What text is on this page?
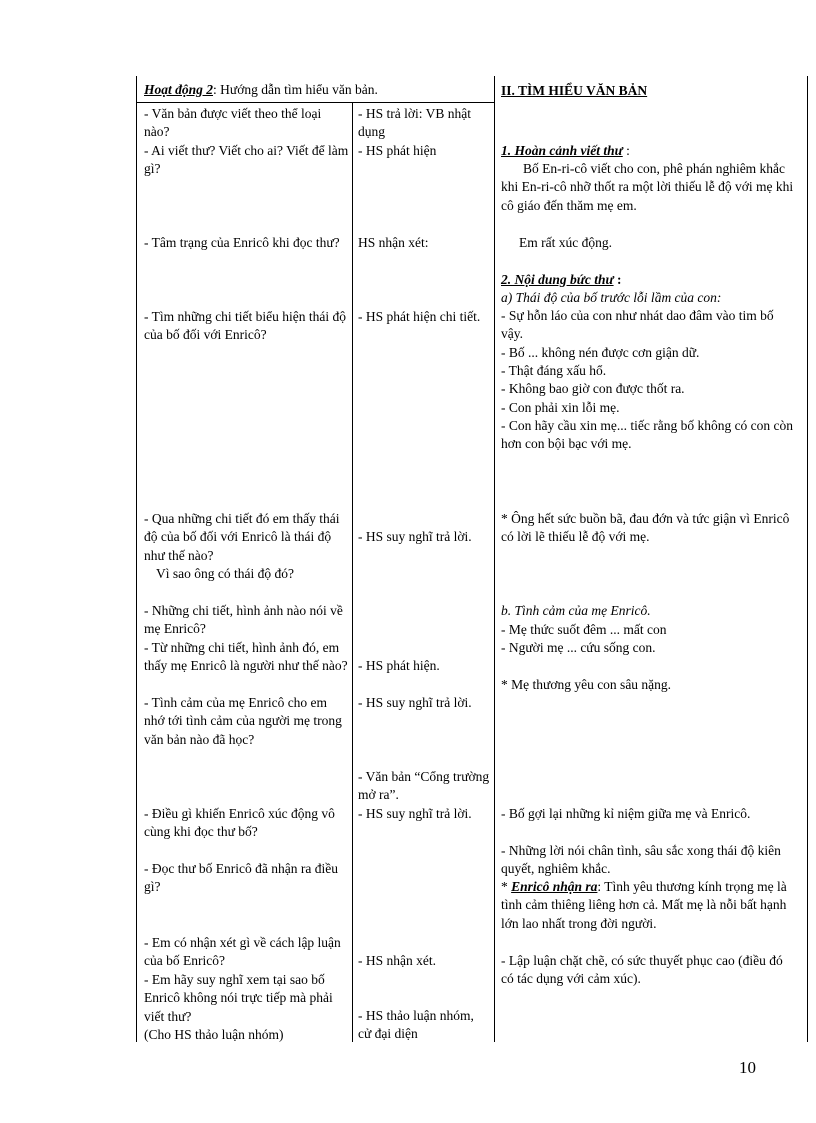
Hoạt động 2: Hướng dẫn tìm hiểu văn bản.

- Văn bản được viết theo thể loại nào?

- Ai viết thư? Viết cho ai? Viết để làm gì?

- Tâm trạng của Enricô khi đọc thư?

- Tìm những chi tiết biểu hiện thái độ của bố đối với Enricô?

- Qua những chi tiết đó em thấy thái độ của bố đối với Enricô là thái độ như thế nào?

Vì sao ông có thái độ đó?

- Những chi tiết, hình ảnh nào nói về mẹ Enricô?

- Từ những chi tiết, hình ảnh đó, em thấy mẹ Enricô là người như thế nào?

- Tình cảm của mẹ Enricô cho em nhớ tới tình cảm của người mẹ trong văn bản nào đã học?

- Điều gì khiến Enricô xúc động vô cùng khi đọc thư bố?

- Đọc thư bố Enricô đã nhận ra điều gì?

- Em có nhận xét gì về cách lập luận của bố Enricô?

- Em hãy suy nghĩ xem tại sao bố Enricô không nói trực tiếp mà phải viết thư?

(Cho HS thảo luận nhóm)

- HS trả lời: VB nhật dụng

- HS phát hiện

HS nhận xét:

- HS phát hiện chi tiết.

- HS suy nghĩ trả lời.

- HS phát hiện.

- HS suy nghĩ trả lời.

- Văn bản “Cổng trường mở ra”.

- HS suy nghĩ trả lời.

- HS nhận xét.

- HS thảo luận nhóm, cử đại diện

II. TÌM HIỂU VĂN BẢN

1. Hoàn cảnh viết thư :

Bố En-ri-cô viết cho con, phê phán nghiêm khắc khi En-ri-cô nhỡ thốt ra một lời thiếu lễ độ với mẹ khi cô giáo đến thăm mẹ em.

Em rất xúc động.

2. Nội dung bức thư :

a) Thái độ của bố trước lỗi lầm của con:

- Sự hỗn láo của con như nhát dao đâm vào tim bố vậy.

- Bố ... không nén được cơn giận dữ.

- Thật đáng xấu hổ.

- Không bao giờ con được thốt ra.

- Con phải xin lỗi mẹ.

- Con hãy cầu xin mẹ... tiếc rằng bố không có con còn hơn con bội bạc với mẹ.

* Ông hết sức buồn bã, đau đớn và tức giận vì Enricô có lời lẽ thiếu lễ độ với mẹ.

b. Tình cảm của mẹ Enricô.

- Mẹ thức suốt đêm ... mất con

- Người mẹ ... cứu sống con.

* Mẹ thương yêu con sâu nặng.

- Bố gợi lại những kỉ niệm giữa mẹ và Enricô.

- Những lời nói chân tình, sâu sắc xong thái độ kiên quyết, nghiêm khắc.

* Enricô nhận ra: Tình yêu thương kính trọng mẹ là tình cảm thiêng liêng hơn cả. Mất mẹ là nỗi bất hạnh lớn lao nhất trong đời người.

- Lập luận chặt chẽ, có sức thuyết phục cao (điều đó có tác dụng với cảm xúc).

10
